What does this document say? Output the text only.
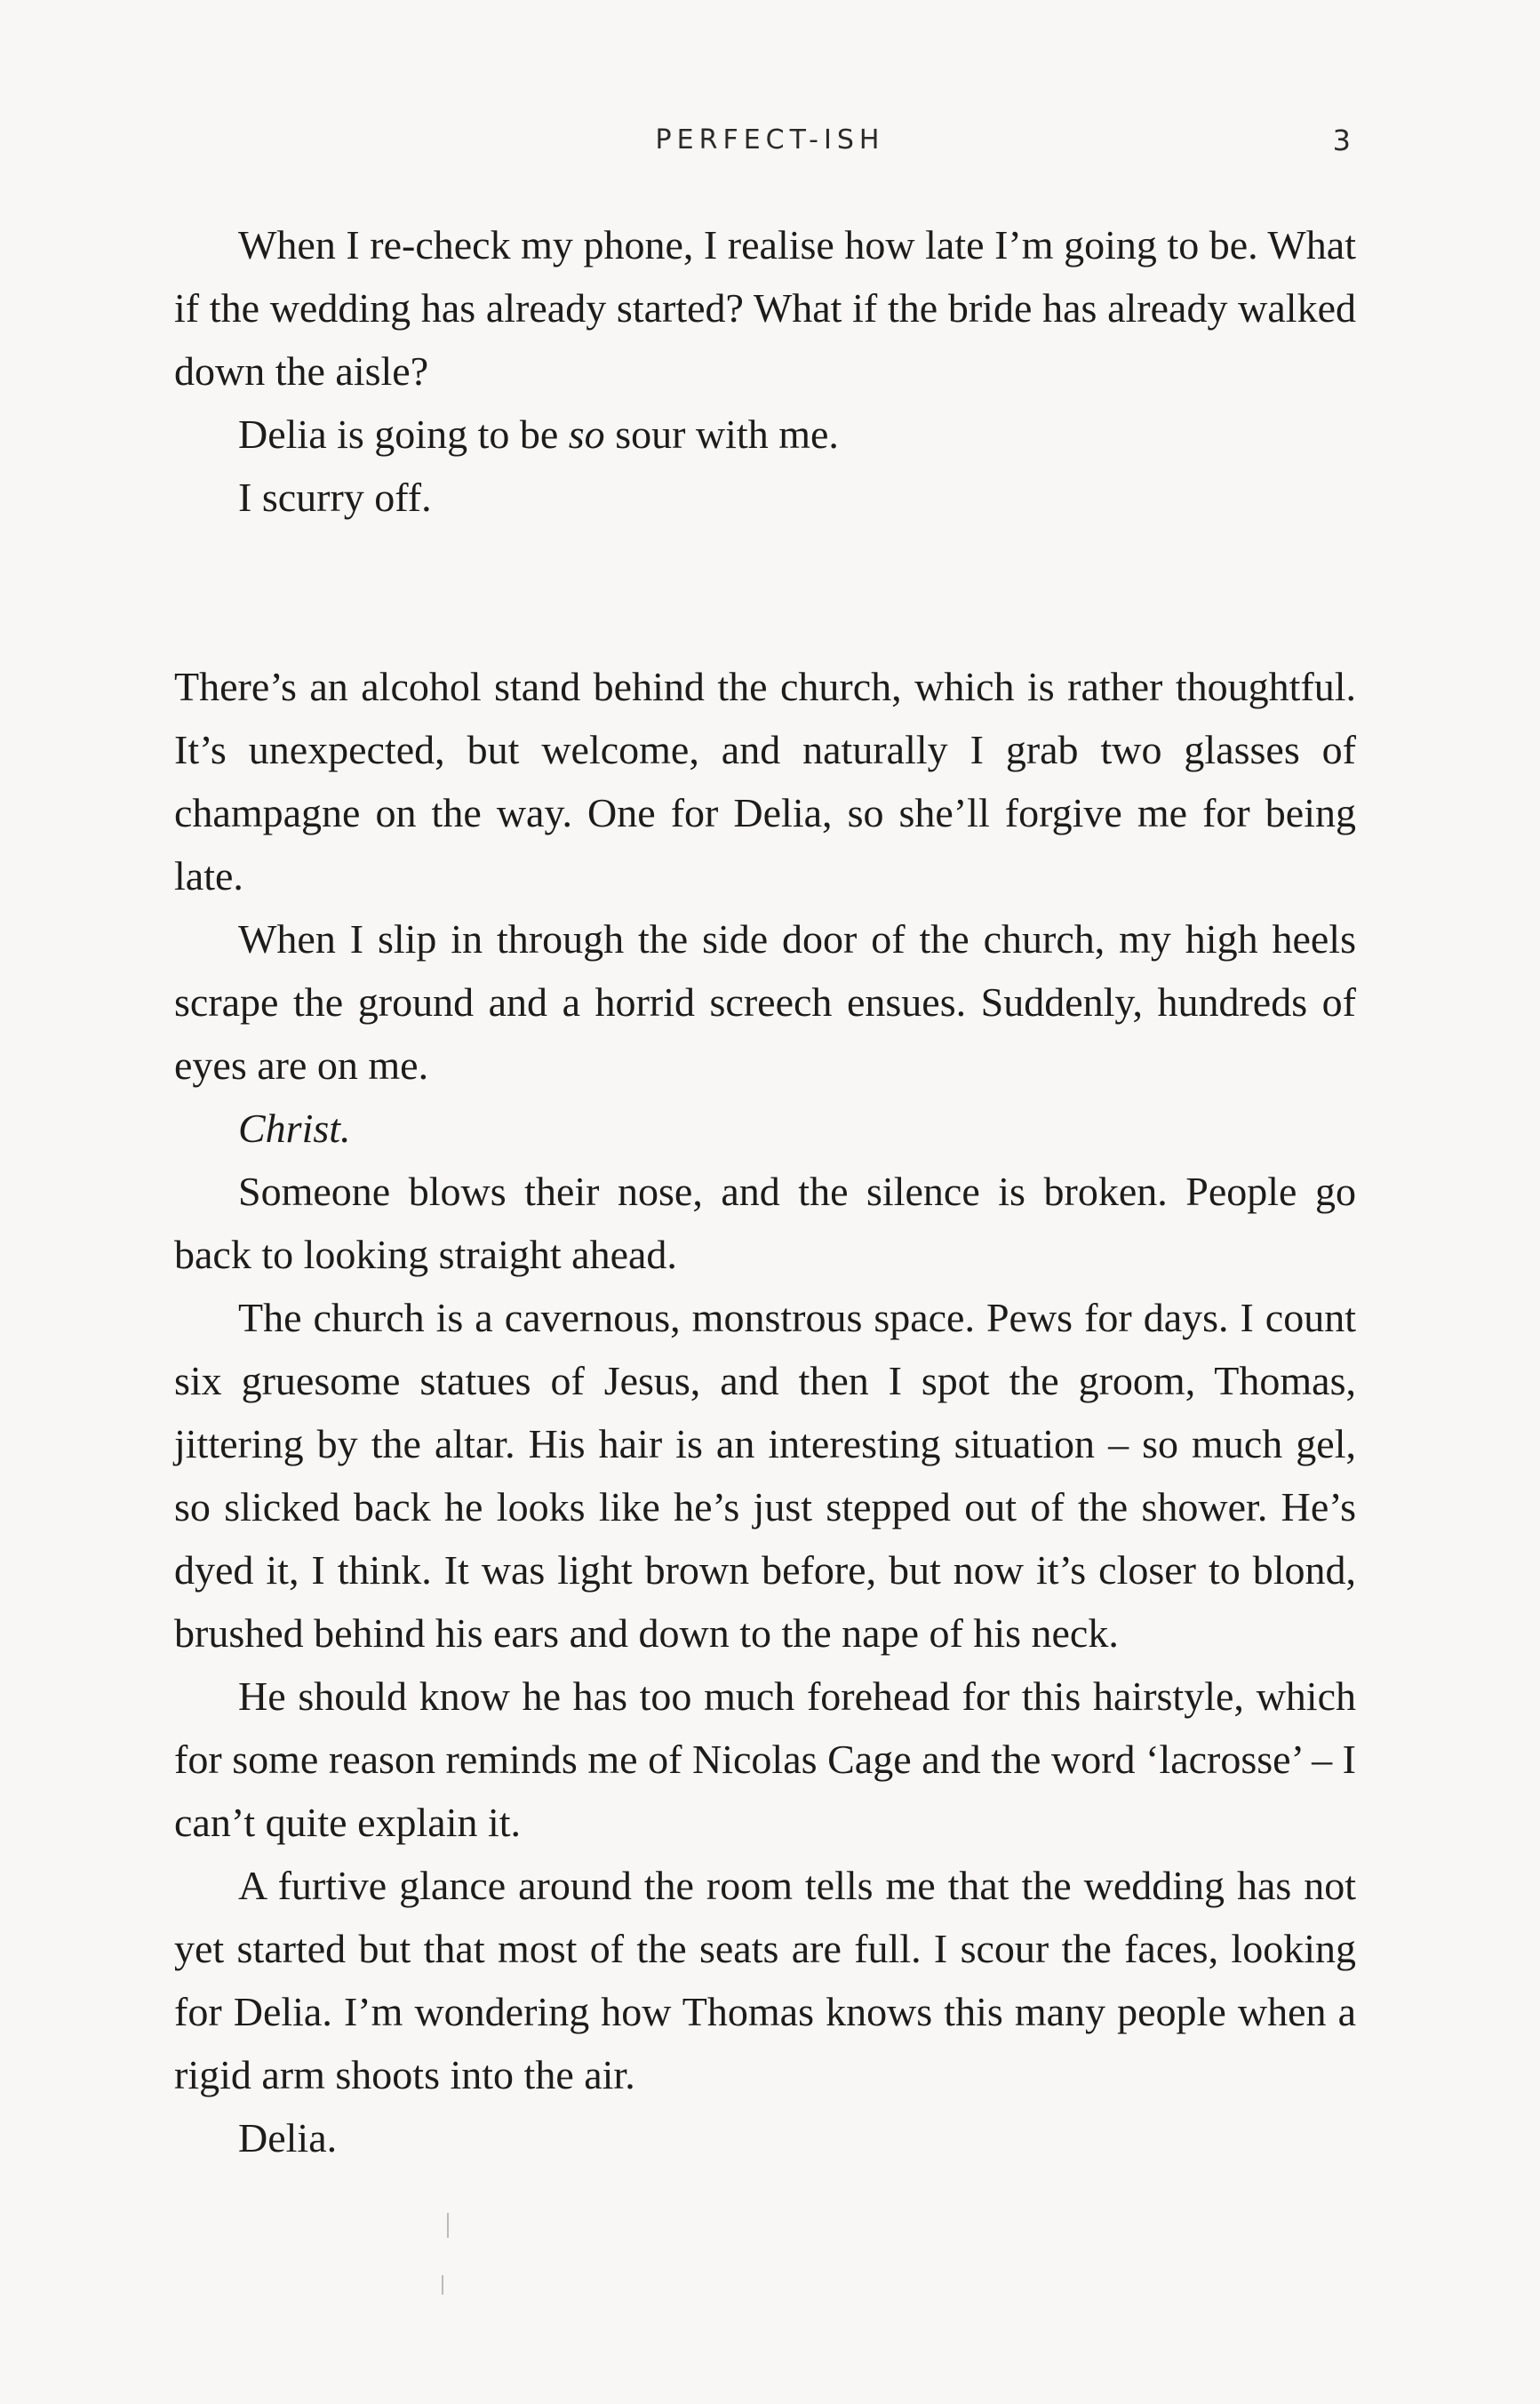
PERFECT-ISH	3

When I re-check my phone, I realise how late I’m going to be. What if the wedding has already started? What if the bride has already walked down the aisle?

Delia is going to be so sour with me.

I scurry off.

There’s an alcohol stand behind the church, which is rather thoughtful. It’s unexpected, but welcome, and naturally I grab two glasses of champagne on the way. One for Delia, so she’ll forgive me for being late.

When I slip in through the side door of the church, my high heels scrape the ground and a horrid screech ensues. Suddenly, hundreds of eyes are on me.

Christ.

Someone blows their nose, and the silence is broken. People go back to looking straight ahead.

The church is a cavernous, monstrous space. Pews for days. I count six gruesome statues of Jesus, and then I spot the groom, Thomas, jittering by the altar. His hair is an interesting situation – so much gel, so slicked back he looks like he’s just stepped out of the shower. He’s dyed it, I think. It was light brown before, but now it’s closer to blond, brushed behind his ears and down to the nape of his neck.

He should know he has too much forehead for this hairstyle, which for some reason reminds me of Nicolas Cage and the word ‘lacrosse’ – I can’t quite explain it.

A furtive glance around the room tells me that the wedding has not yet started but that most of the seats are full. I scour the faces, looking for Delia. I’m wondering how Thomas knows this many people when a rigid arm shoots into the air.

Delia.
